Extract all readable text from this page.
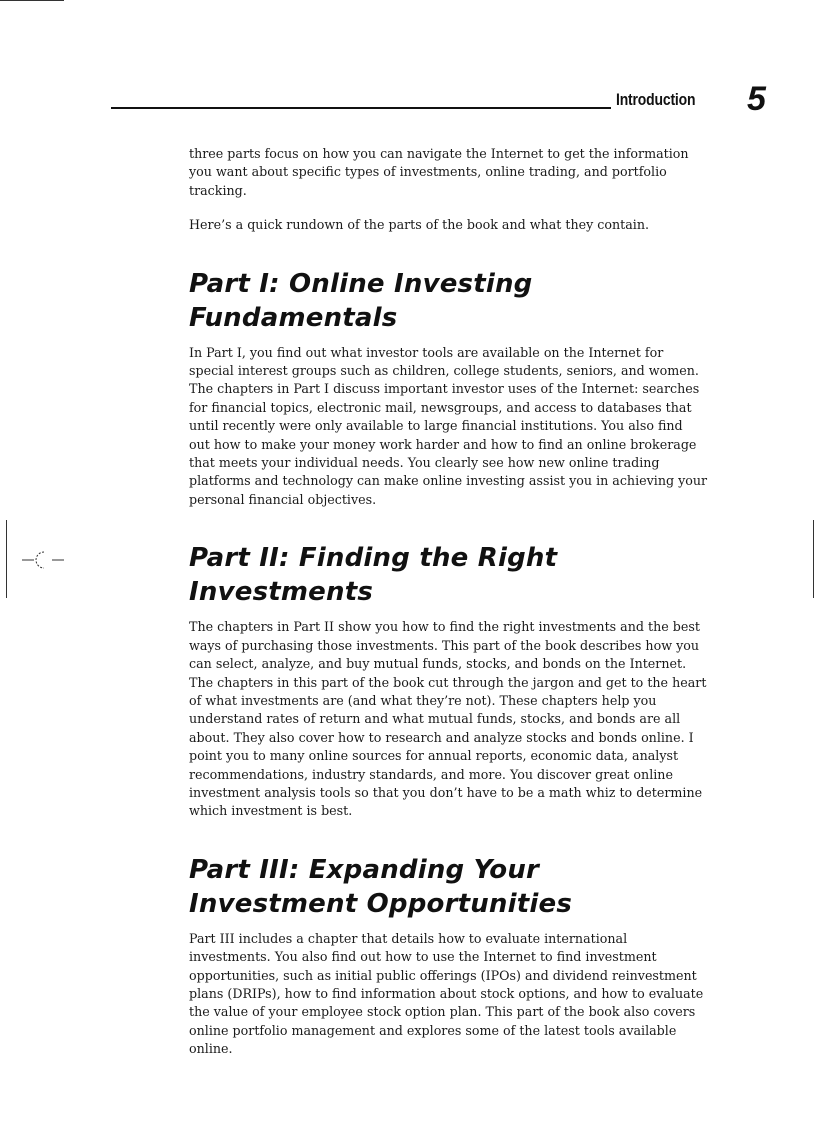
Introduction 5

three parts focus on how you can navigate the Internet to get the information you want about specific types of investments, online trading, and portfolio tracking.

Here’s a quick rundown of the parts of the book and what they contain.

Part I: Online Investing Fundamentals

In Part I, you find out what investor tools are available on the Internet for special interest groups such as children, college students, seniors, and women. The chapters in Part I discuss important investor uses of the Internet: searches for financial topics, electronic mail, newsgroups, and access to databases that until recently were only available to large financial institutions. You also find out how to make your money work harder and how to find an online brokerage that meets your individual needs. You clearly see how new online trading platforms and technology can make online investing assist you in achieving your personal financial objectives.

Part II: Finding the Right Investments

The chapters in Part II show you how to find the right investments and the best ways of purchasing those investments. This part of the book describes how you can select, analyze, and buy mutual funds, stocks, and bonds on the Internet. The chapters in this part of the book cut through the jargon and get to the heart of what investments are (and what they’re not). These chapters help you understand rates of return and what mutual funds, stocks, and bonds are all about. They also cover how to research and analyze stocks and bonds online. I point you to many online sources for annual reports, economic data, analyst recommendations, industry standards, and more. You discover great online investment analysis tools so that you don’t have to be a math whiz to determine which investment is best.

Part III: Expanding Your Investment Opportunities

Part III includes a chapter that details how to evaluate international investments. You also find out how to use the Internet to find investment opportunities, such as initial public offerings (IPOs) and dividend reinvestment plans (DRIPs), how to find information about stock options, and how to evaluate the value of your employee stock option plan. This part of the book also covers online portfolio management and explores some of the latest tools available online.
